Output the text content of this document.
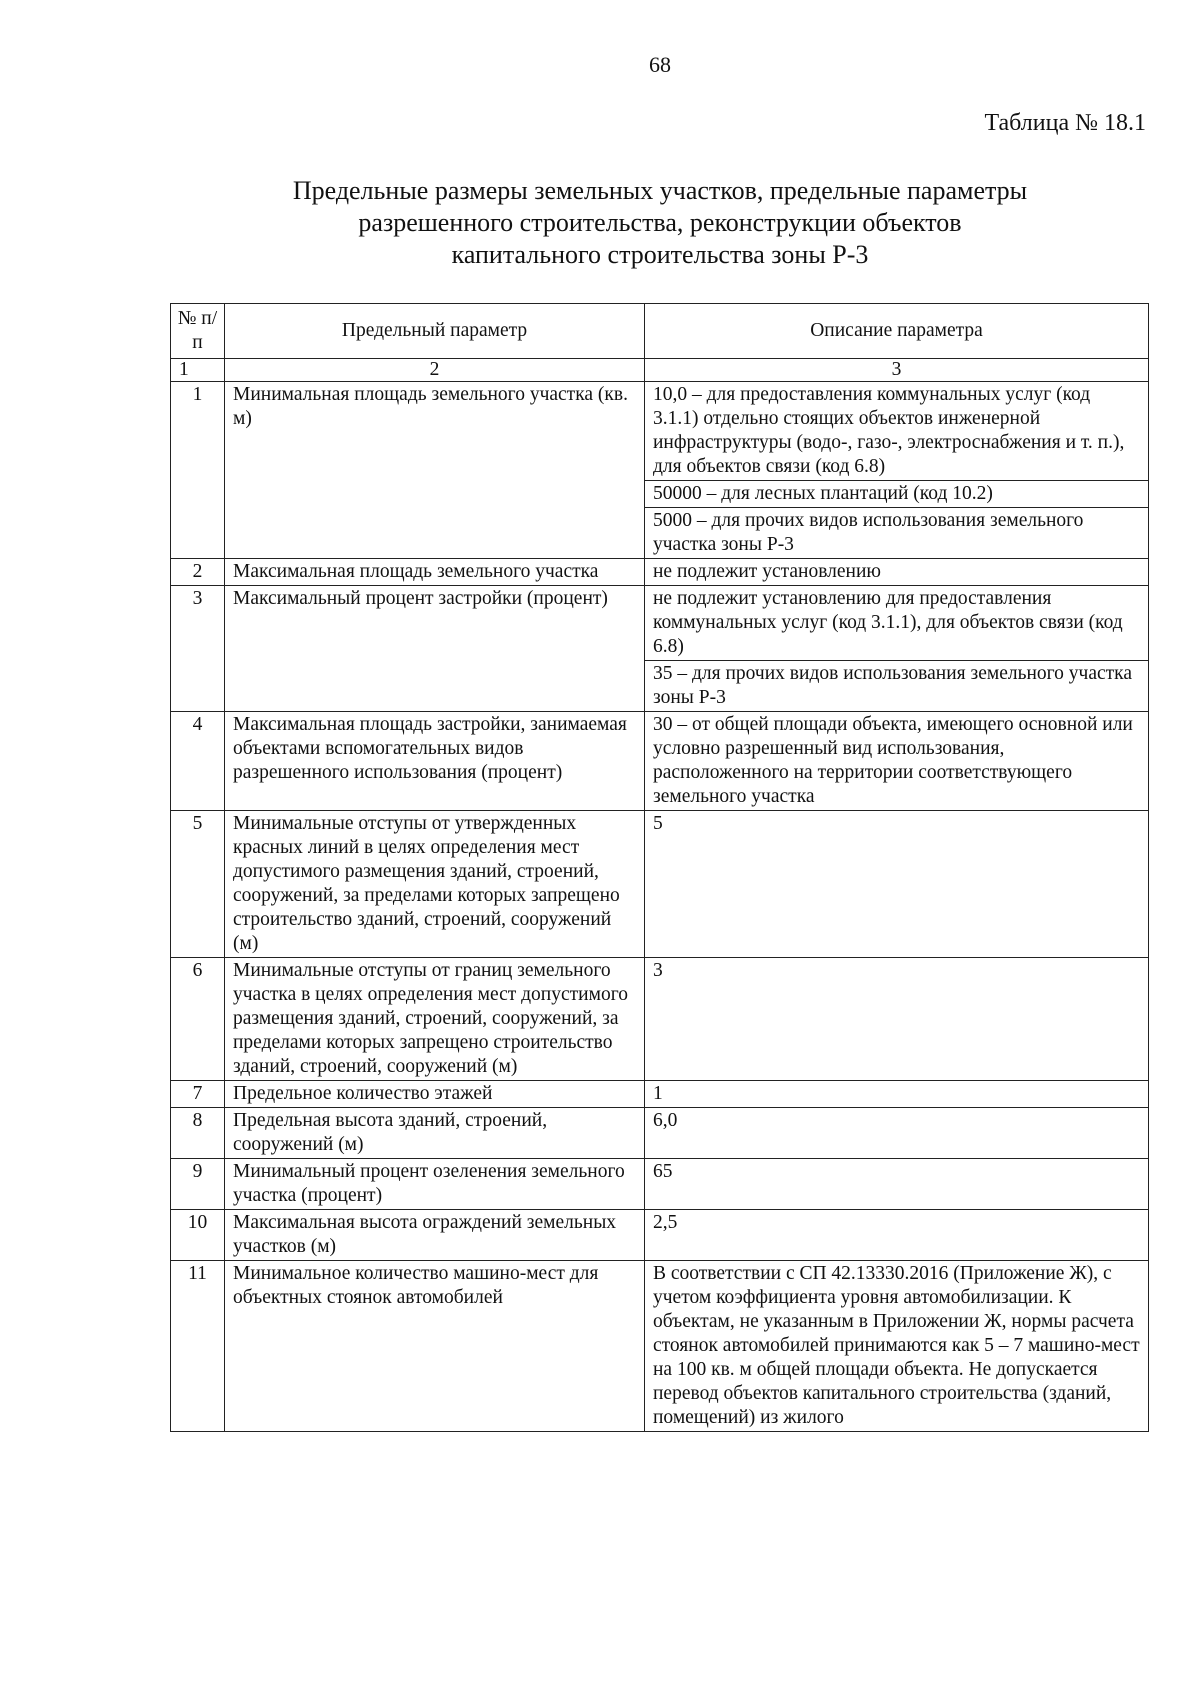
68
Таблица № 18.1
Предельные размеры земельных участков, предельные параметры
разрешенного строительства, реконструкции объектов
капитального строительства зоны Р-3
№ п/п	Предельный параметр	Описание параметра
1	2	3
1	Минимальная площадь земельного участка (кв. м)	10,0 – для предоставления коммунальных услуг (код 3.1.1) отдельно стоящих объектов инженерной инфраструктуры (водо-, газо-, электроснабжения и т. п.), для объектов связи (код 6.8)
		50000 – для лесных плантаций (код 10.2)
		5000 – для прочих видов использования земельного участка зоны Р-3
2	Максимальная площадь земельного участка	не подлежит установлению
3	Максимальный процент застройки (процент)	не подлежит установлению для предоставления коммунальных услуг (код 3.1.1), для объектов связи (код 6.8)
		35 – для прочих видов использования земельного участка зоны Р-3
4	Максимальная площадь застройки, занимаемая объектами вспомогательных видов разрешенного использования (процент)	30 – от общей площади объекта, имеющего основной или условно разрешенный вид использования, расположенного на территории соответствующего земельного участка
5	Минимальные отступы от утвержденных красных линий в целях определения мест допустимого размещения зданий, строений, сооружений, за пределами которых запрещено строительство зданий, строений, сооружений (м)	5
6	Минимальные отступы от границ земельного участка в целях определения мест допустимого размещения зданий, строений, сооружений, за пределами которых запрещено строительство зданий, строений, сооружений (м)	3
7	Предельное количество этажей	1
8	Предельная высота зданий, строений, сооружений (м)	6,0
9	Минимальный процент озеленения земельного участка (процент)	65
10	Максимальная высота ограждений земельных участков (м)	2,5
11	Минимальное количество машино-мест для объектных стоянок автомобилей	В соответствии с СП 42.13330.2016 (Приложение Ж), с учетом коэффициента уровня автомобилизации. К объектам, не указанным в Приложении Ж, нормы расчета стоянок автомобилей принимаются как 5 – 7 машино-мест на 100 кв. м общей площади объекта. Не допускается перевод объектов капитального строительства (зданий, помещений) из жилого
